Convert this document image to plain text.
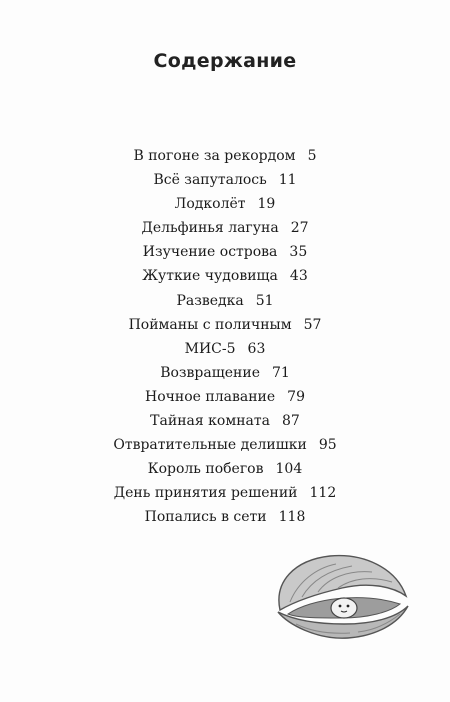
Содержание
В погоне за рекордом 5
Всё запуталось 11
Лодколёт 19
Дельфинья лагуна 27
Изучение острова 35
Жуткие чудовища 43
Разведка 51
Пойманы с поличным 57
МИС-5 63
Возвращение 71
Ночное плавание 79
Тайная комната 87
Отвратительные делишки 95
Король побегов 104
День принятия решений 112
Попались в сети 118
